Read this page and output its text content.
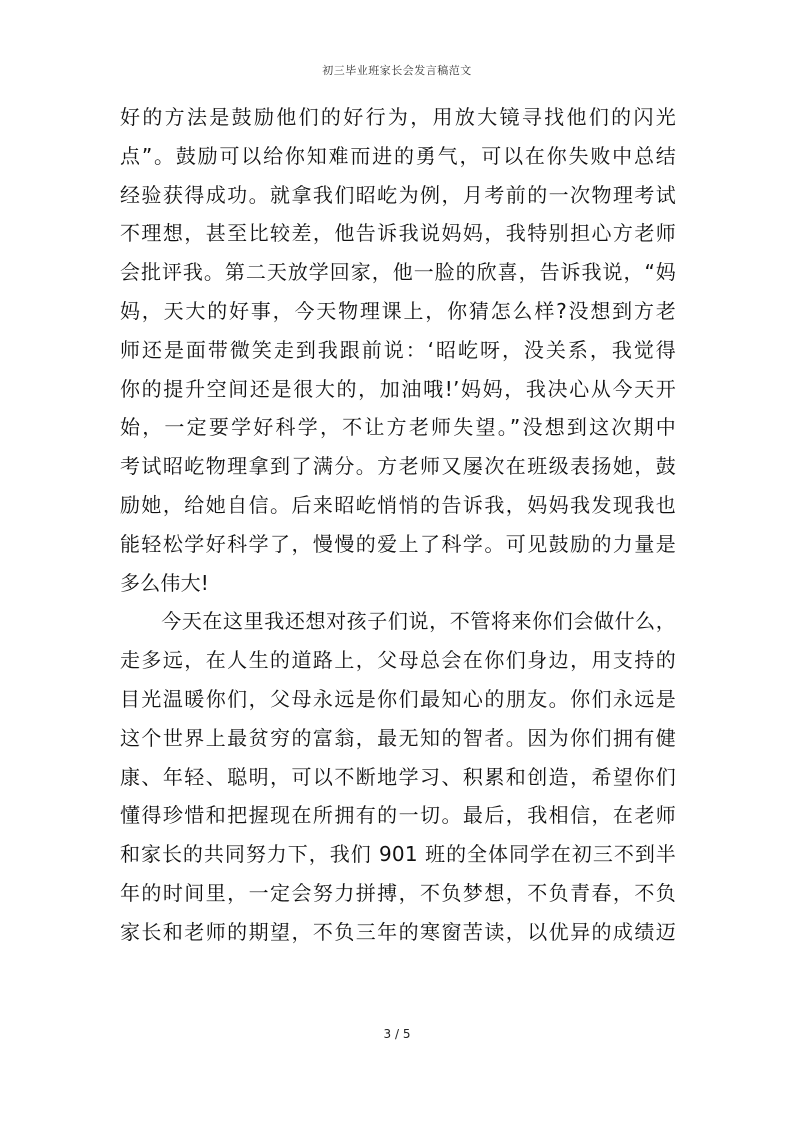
初三毕业班家长会发言稿范文
好的方法是鼓励他们的好行为，用放大镜寻找他们的闪光
点”。鼓励可以给你知难而进的勇气，可以在你失败中总结
经验获得成功。就拿我们昭屹为例，月考前的一次物理考试
不理想，甚至比较差，他告诉我说妈妈，我特别担心方老师
会批评我。第二天放学回家，他一脸的欣喜，告诉我说，“妈
妈，天大的好事，今天物理课上，你猜怎么样?没想到方老
师还是面带微笑走到我跟前说：‘昭屹呀，没关系，我觉得
你的提升空间还是很大的，加油哦!’妈妈，我决心从今天开
始，一定要学好科学，不让方老师失望。”没想到这次期中
考试昭屹物理拿到了满分。方老师又屡次在班级表扬她，鼓
励她，给她自信。后来昭屹悄悄的告诉我，妈妈我发现我也
能轻松学好科学了，慢慢的爱上了科学。可见鼓励的力量是
多么伟大!
　　今天在这里我还想对孩子们说，不管将来你们会做什么，
走多远，在人生的道路上，父母总会在你们身边，用支持的
目光温暖你们，父母永远是你们最知心的朋友。你们永远是
这个世界上最贫穷的富翁，最无知的智者。因为你们拥有健
康、年轻、聪明，可以不断地学习、积累和创造，希望你们
懂得珍惜和把握现在所拥有的一切。最后，我相信，在老师
和家长的共同努力下，我们 901 班的全体同学在初三不到半
年的时间里，一定会努力拼搏，不负梦想，不负青春，不负
家长和老师的期望，不负三年的寒窗苦读，以优异的成绩迈
3 / 5
